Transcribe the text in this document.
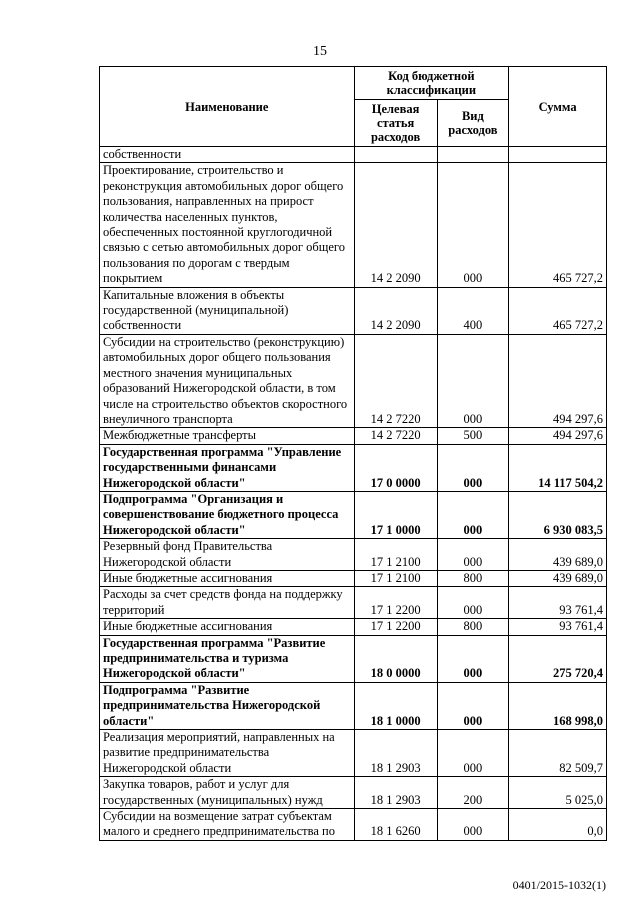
15
Наименование	Код бюджетной классификации		Сумма
	Целевая статья расходов	Вид расходов	
собственности			
Проектирование, строительство и реконструкция автомобильных дорог общего пользования, направленных на прирост количества населенных пунктов, обеспеченных постоянной круглогодичной связью с сетью автомобильных дорог общего пользования по дорогам с твердым покрытием	14 2 2090	000	465 727,2
Капитальные вложения в объекты государственной (муниципальной) собственности	14 2 2090	400	465 727,2
Субсидии на строительство (реконструкцию) автомобильных дорог общего пользования местного значения муниципальных образований Нижегородской области, в том числе на строительство объектов скоростного внеуличного транспорта	14 2 7220	000	494 297,6
Межбюджетные трансферты	14 2 7220	500	494 297,6
Государственная программа "Управление государственными финансами Нижегородской области"	17 0 0000	000	14 117 504,2
Подпрограмма "Организация и совершенствование бюджетного процесса Нижегородской области"	17 1 0000	000	6 930 083,5
Резервный фонд Правительства Нижегородской области	17 1 2100	000	439 689,0
Иные бюджетные ассигнования	17 1 2100	800	439 689,0
Расходы за счет средств фонда на поддержку территорий	17 1 2200	000	93 761,4
Иные бюджетные ассигнования	17 1 2200	800	93 761,4
Государственная программа "Развитие предпринимательства и туризма Нижегородской области"	18 0 0000	000	275 720,4
Подпрограмма "Развитие предпринимательства Нижегородской области"	18 1 0000	000	168 998,0
Реализация мероприятий, направленных на развитие предпринимательства Нижегородской области	18 1 2903	000	82 509,7
Закупка товаров, работ и услуг для государственных (муниципальных) нужд	18 1 2903	200	5 025,0
Субсидии на возмещение затрат субъектам малого и среднего предпринимательства по	18 1 6260	000	0,0
0401/2015-1032(1)
